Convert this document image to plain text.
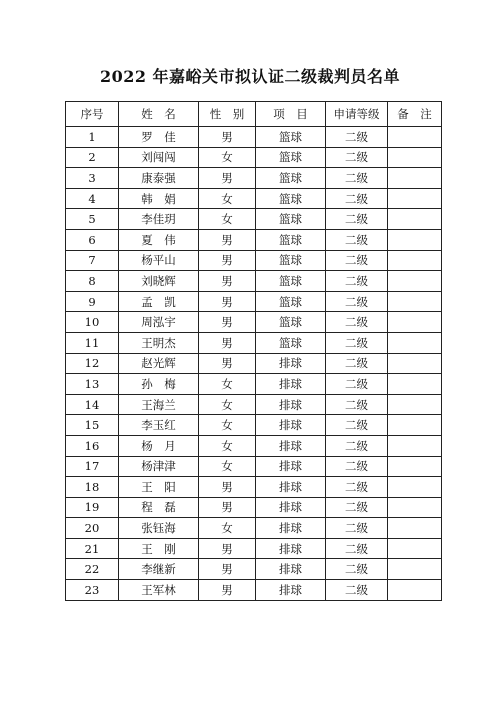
2022 年嘉峪关市拟认证二级裁判员名单
序号	姓　名	性　别	项　目	申请等级	备　注
1	罗　佳	男	篮球	二级	
2	刘闯闯	女	篮球	二级	
3	康泰强	男	篮球	二级	
4	韩　娟	女	篮球	二级	
5	李佳玥	女	篮球	二级	
6	夏　伟	男	篮球	二级	
7	杨平山	男	篮球	二级	
8	刘晓辉	男	篮球	二级	
9	孟　凯	男	篮球	二级	
10	周泓宇	男	篮球	二级	
11	王明杰	男	篮球	二级	
12	赵光辉	男	排球	二级	
13	孙　梅	女	排球	二级	
14	王海兰	女	排球	二级	
15	李玉红	女	排球	二级	
16	杨　月	女	排球	二级	
17	杨津津	女	排球	二级	
18	王　阳	男	排球	二级	
19	程　磊	男	排球	二级	
20	张钰海	女	排球	二级	
21	王　刚	男	排球	二级	
22	李继新	男	排球	二级	
23	王军林	男	排球	二级	
